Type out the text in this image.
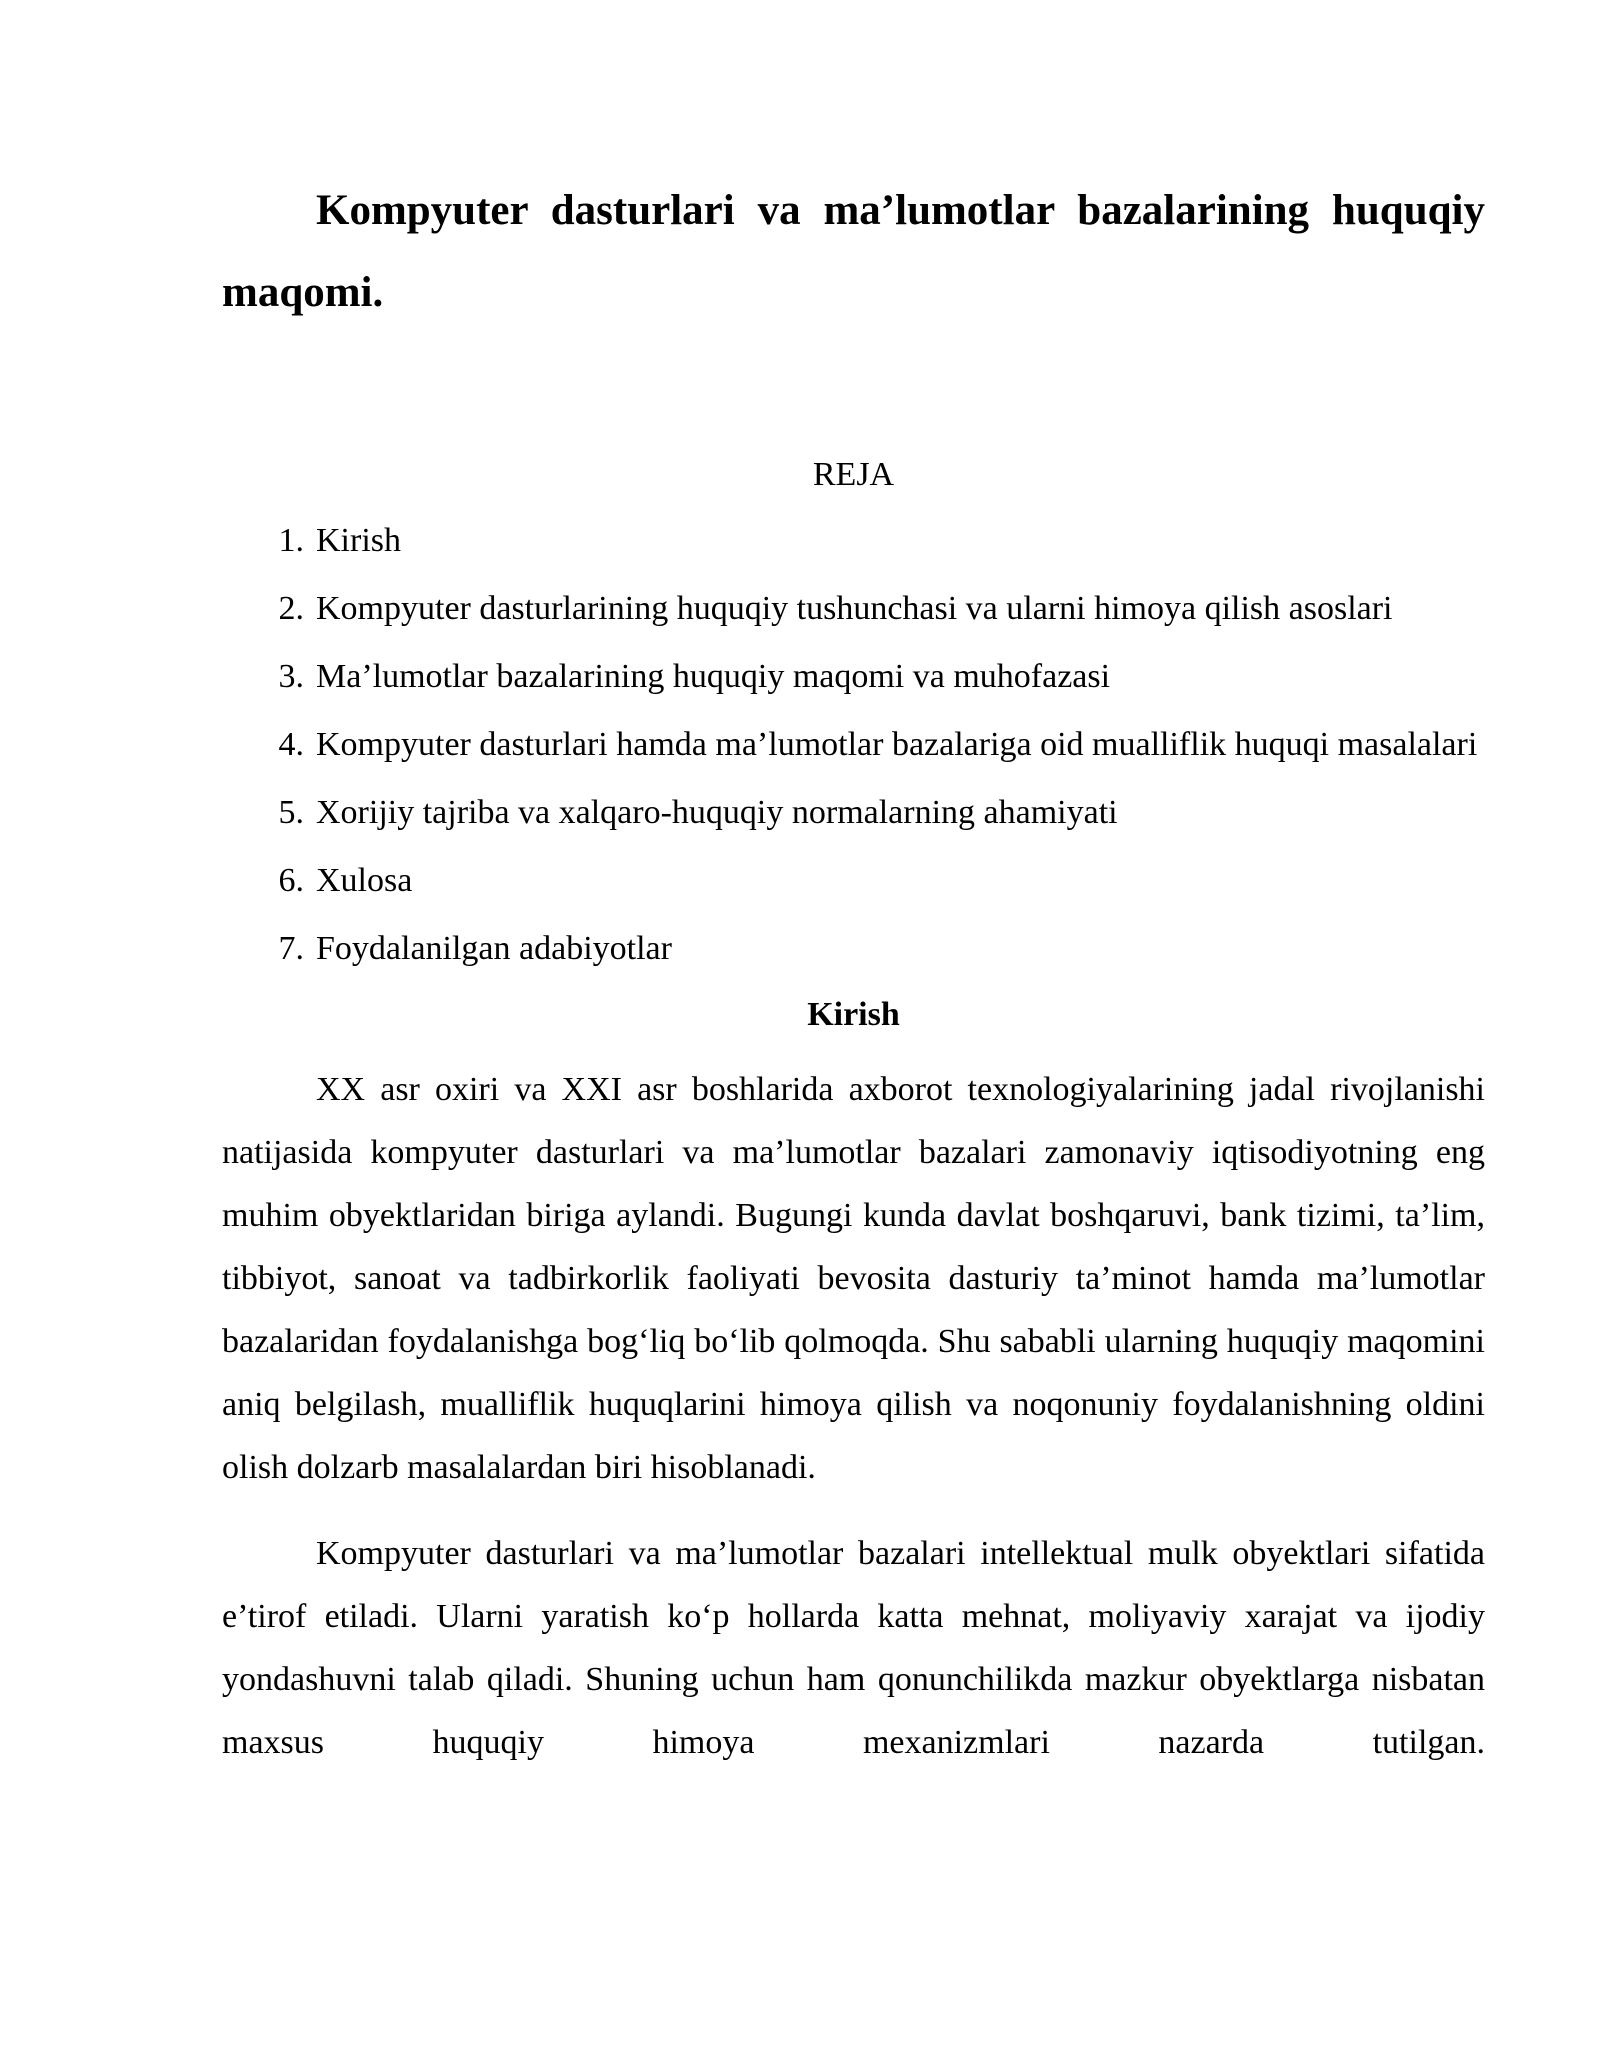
Kompyuter dasturlari va ma’lumotlar bazalarining huquqiy maqomi.

REJA

1. Kirish
2. Kompyuter dasturlarining huquqiy tushunchasi va ularni himoya qilish asoslari
3. Ma’lumotlar bazalarining huquqiy maqomi va muhofazasi
4. Kompyuter dasturlari hamda ma’lumotlar bazalariga oid mualliflik huquqi masalalari
5. Xorijiy tajriba va xalqaro-huquqiy normalarning ahamiyati
6. Xulosa
7. Foydalanilgan adabiyotlar
Kirish

XX asr oxiri va XXI asr boshlarida axborot texnologiyalarining jadal rivojlanishi natijasida kompyuter dasturlari va ma’lumotlar bazalari zamonaviy iqtisodiyotning eng muhim obyektlaridan biriga aylandi. Bugungi kunda davlat boshqaruvi, bank tizimi, ta’lim, tibbiyot, sanoat va tadbirkorlik faoliyati bevosita dasturiy ta’minot hamda ma’lumotlar bazalaridan foydalanishga bog‘liq bo‘lib qolmoqda. Shu sababli ularning huquqiy maqomini aniq belgilash, mualliflik huquqlarini himoya qilish va noqonuniy foydalanishning oldini olish dolzarb masalalardan biri hisoblanadi.

Kompyuter dasturlari va ma’lumotlar bazalari intellektual mulk obyektlari sifatida e’tirof etiladi. Ularni yaratish ko‘p hollarda katta mehnat, moliyaviy xarajat va ijodiy yondashuvni talab qiladi. Shuning uchun ham qonunchilikda mazkur obyektlarga nisbatan maxsus huquqiy himoya mexanizmlari nazarda tutilgan.
